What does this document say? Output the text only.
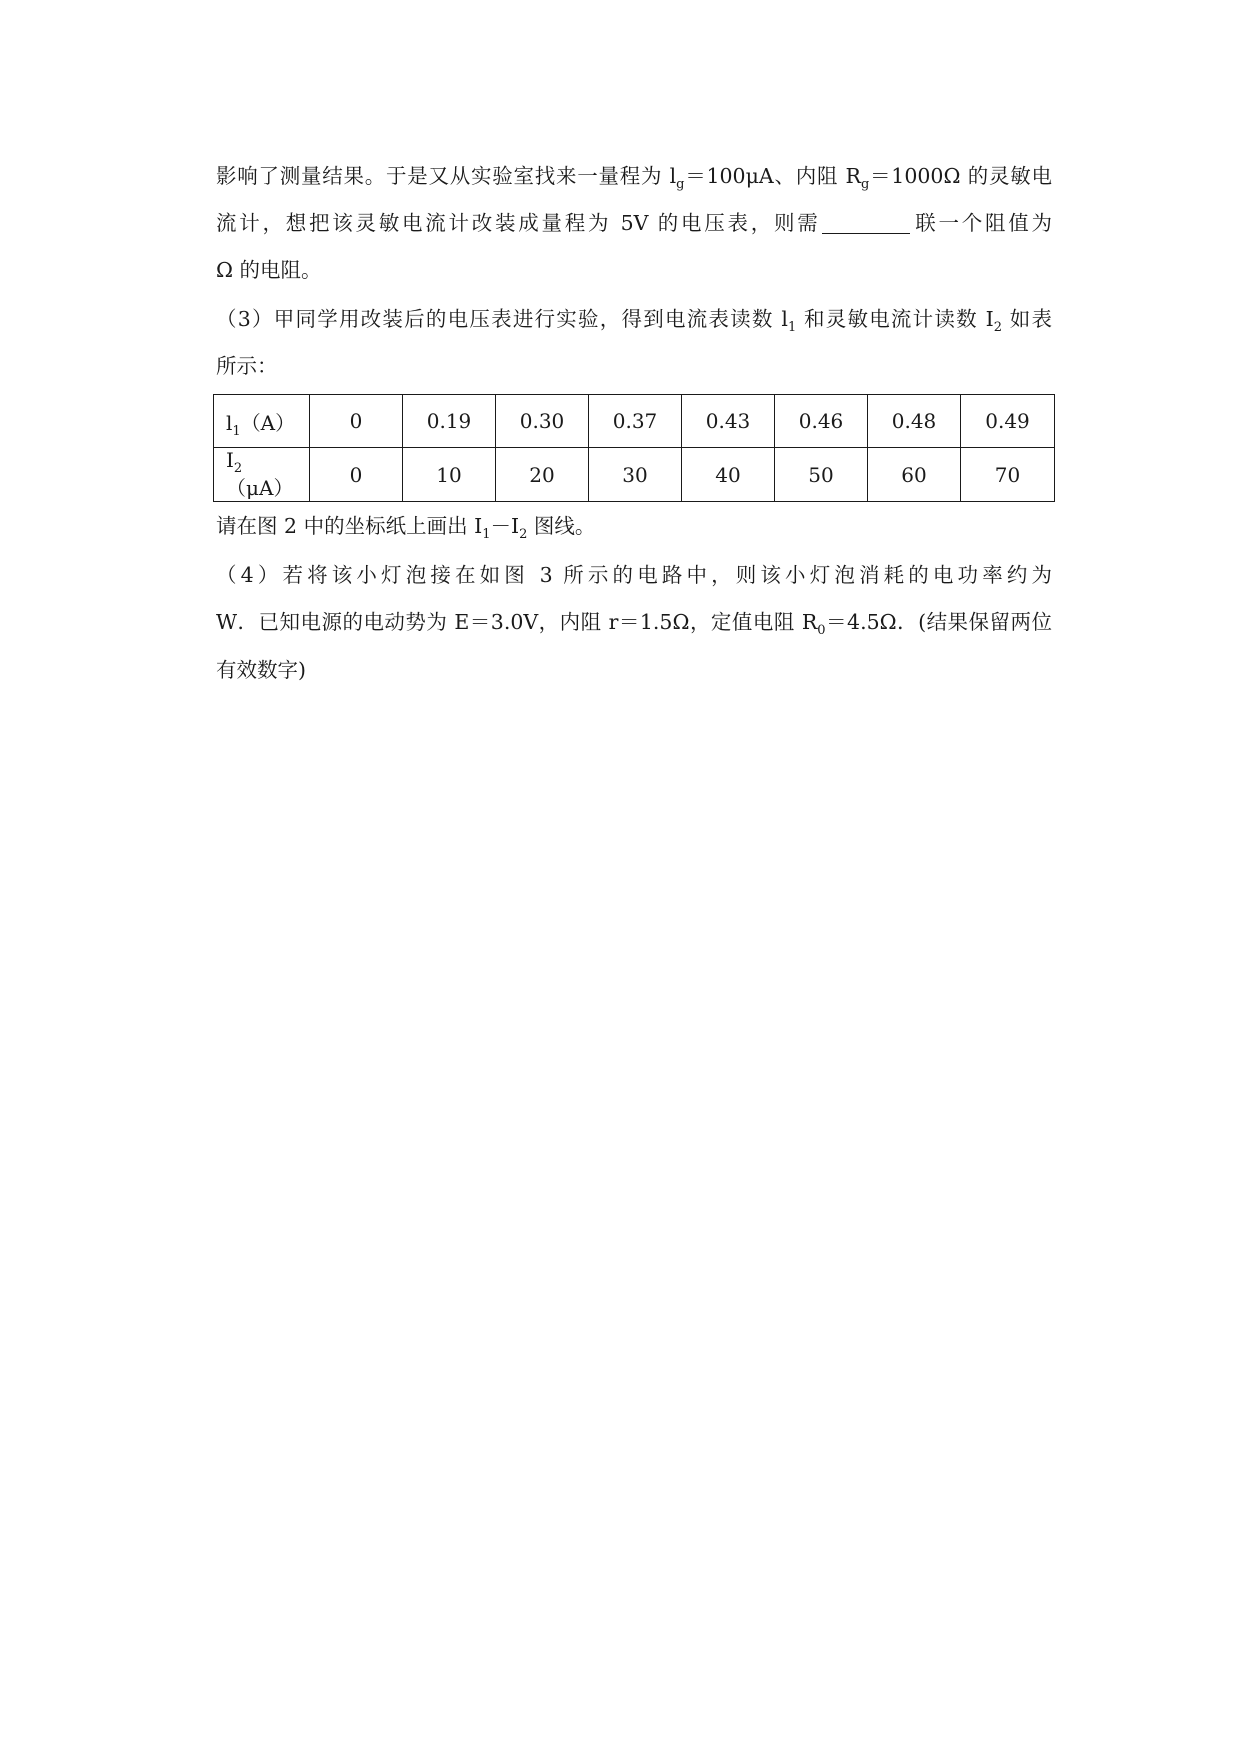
影响了测量结果。于是又从实验室找来一量程为 $l_g=100\mu A$、内阻 $R_g=1000\Omega$ 的灵敏电
流计，想把该灵敏电流计改装成量程为 5V 的电压表，则需	联一个阻值为
Ω 的电阻。
（3）甲同学用改装后的电压表进行实验，得到电流表读数 $l_1$ 和灵敏电流计读数 $I_2$ 如表
所示：
$l_1(A)$	0	0.19	0.30	0.37	0.43	0.46	0.48	0.49
$I_2(\mu A)$	0	10	20	30	40	50	60	70
请在图 2 中的坐标纸上画出 $I_1-I_2$ 图线。
（4）若将该小灯泡接在如图 3 所示的电路中，则该小灯泡消耗的电功率约为
W．已知电源的电动势为 E＝3.0V，内阻 r＝1.5Ω，定值电阻 $R_0=4.5\Omega$．(结果保留两位
有效数字)
